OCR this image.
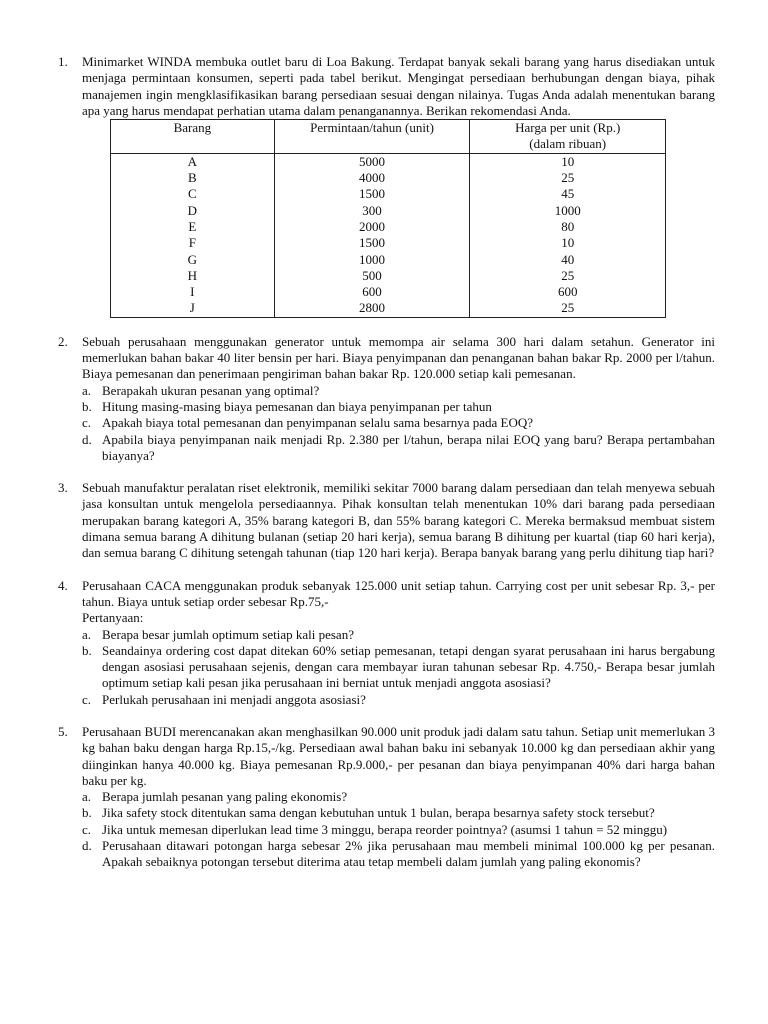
1. Minimarket WINDA membuka outlet baru di Loa Bakung. Terdapat banyak sekali barang yang harus disediakan untuk menjaga permintaan konsumen, seperti pada tabel berikut. Mengingat persediaan berhubungan dengan biaya, pihak manajemen ingin mengklasifikasikan barang persediaan sesuai dengan nilainya. Tugas Anda adalah menentukan barang apa yang harus mendapat perhatian utama dalam penanganannya. Berikan rekomendasi Anda.
Barang	Permintaan/tahun (unit)	Harga per unit (Rp.)
(dalam ribuan)

A	5000	10
B	4000	25
C	1500	45
D	300	1000
E	2000	80
F	1500	10
G	1000	40
H	500	25
I	600	600
J	2800	25
2. Sebuah perusahaan menggunakan generator untuk memompa air selama 300 hari dalam setahun. Generator ini memerlukan bahan bakar 40 liter bensin per hari. Biaya penyimpanan dan penanganan bahan bakar Rp. 2000 per l/tahun. Biaya pemesanan dan penerimaan pengiriman bahan bakar Rp. 120.000 setiap kali pemesanan.
a. Berapakah ukuran pesanan yang optimal?
b. Hitung masing-masing biaya pemesanan dan biaya penyimpanan per tahun
c. Apakah biaya total pemesanan dan penyimpanan selalu sama besarnya pada EOQ?
d. Apabila biaya penyimpanan naik menjadi Rp. 2.380 per l/tahun, berapa nilai EOQ yang baru? Berapa pertambahan biayanya?
3. Sebuah manufaktur peralatan riset elektronik, memiliki sekitar 7000 barang dalam persediaan dan telah menyewa sebuah jasa konsultan untuk mengelola persediaannya. Pihak konsultan telah menentukan 10% dari barang pada persediaan merupakan barang kategori A, 35% barang kategori B, dan 55% barang kategori C. Mereka bermaksud membuat sistem dimana semua barang A dihitung bulanan (setiap 20 hari kerja), semua barang B dihitung per kuartal (tiap 60 hari kerja), dan semua barang C dihitung setengah tahunan (tiap 120 hari kerja). Berapa banyak barang yang perlu dihitung tiap hari?
4. Perusahaan CACA menggunakan produk sebanyak 125.000 unit setiap tahun. Carrying cost per unit sebesar Rp. 3,- per tahun. Biaya untuk setiap order sebesar Rp.75,-
Pertanyaan:
a. Berapa besar jumlah optimum setiap kali pesan?
b. Seandainya ordering cost dapat ditekan 60% setiap pemesanan, tetapi dengan syarat perusahaan ini harus bergabung dengan asosiasi perusahaan sejenis, dengan cara membayar iuran tahunan sebesar Rp. 4.750,- Berapa besar jumlah optimum setiap kali pesan jika perusahaan ini berniat untuk menjadi anggota asosiasi?
c. Perlukah perusahaan ini menjadi anggota asosiasi?
5. Perusahaan BUDI merencanakan akan menghasilkan 90.000 unit produk jadi dalam satu tahun. Setiap unit memerlukan 3 kg bahan baku dengan harga Rp.15,-/kg. Persediaan awal bahan baku ini sebanyak 10.000 kg dan persediaan akhir yang diinginkan hanya 40.000 kg. Biaya pemesanan Rp.9.000,- per pesanan dan biaya penyimpanan 40% dari harga bahan baku per kg.
a. Berapa jumlah pesanan yang paling ekonomis?
b. Jika safety stock ditentukan sama dengan kebutuhan untuk 1 bulan, berapa besarnya safety stock tersebut?
c. Jika untuk memesan diperlukan lead time 3 minggu, berapa reorder pointnya? (asumsi 1 tahun = 52 minggu)
d. Perusahaan ditawari potongan harga sebesar 2% jika perusahaan mau membeli minimal 100.000 kg per pesanan. Apakah sebaiknya potongan tersebut diterima atau tetap membeli dalam jumlah yang paling ekonomis?
